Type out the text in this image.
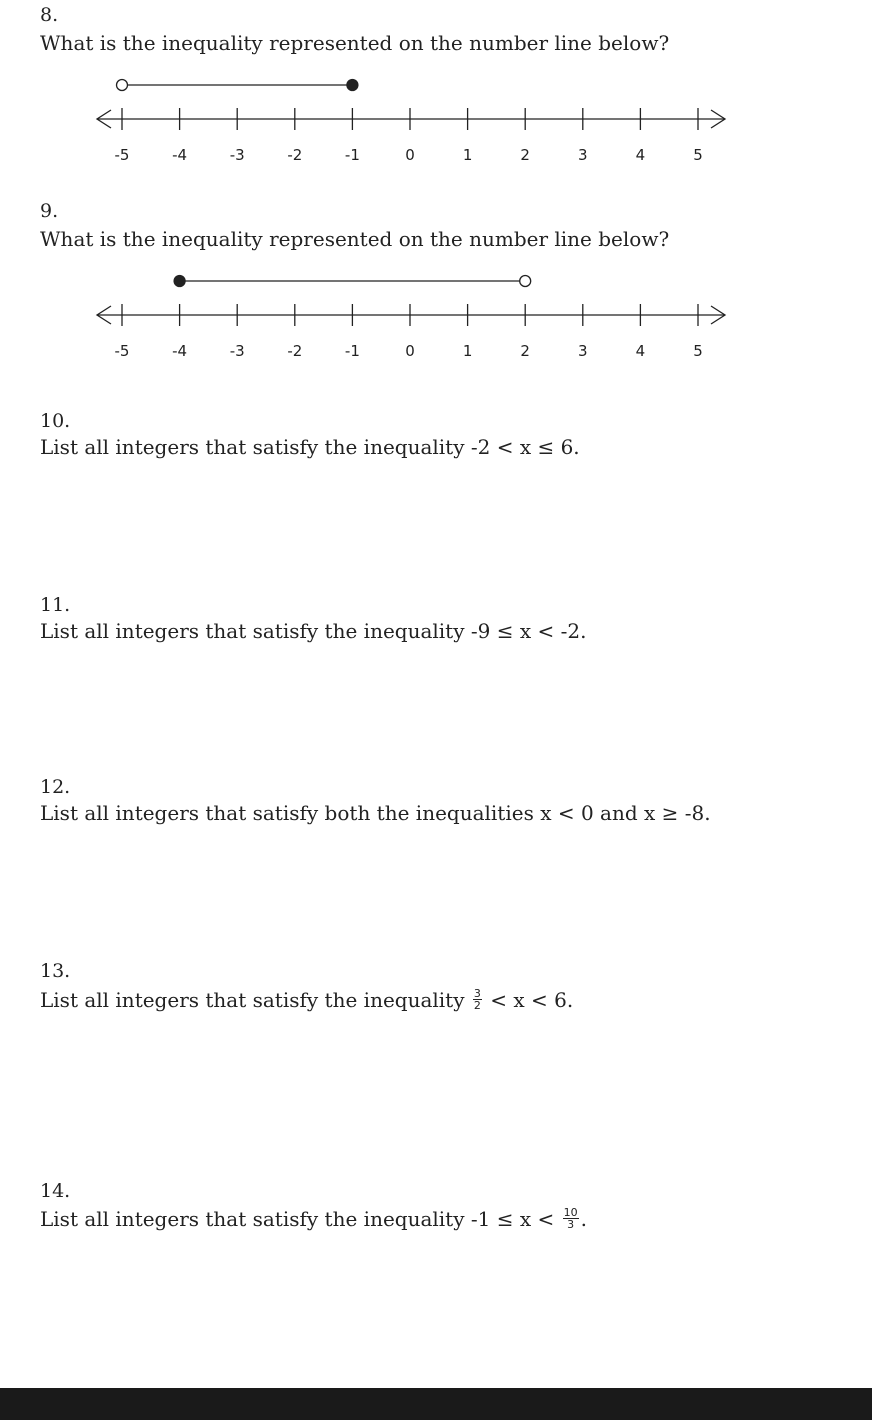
8.
What is the inequality represented on the number line below?
-5	-4	-3	-2	-1	0	1	2	3	4	5
9.
What is the inequality represented on the number line below?
-5	-4	-3	-2	-1	0	1	2	3	4	5
10.
List all integers that satisfy the inequality -2 < x ≤ 6.
11.
List all integers that satisfy the inequality -9 ≤ x < -2.
12.
List all integers that satisfy both the inequalities x < 0 and x ≥ -8.
13.
List all integers that satisfy the inequality $\frac{3}{2} < x < 6$.
14.
List all integers that satisfy the inequality $-1 \le x < \frac{10}{3}$ .
